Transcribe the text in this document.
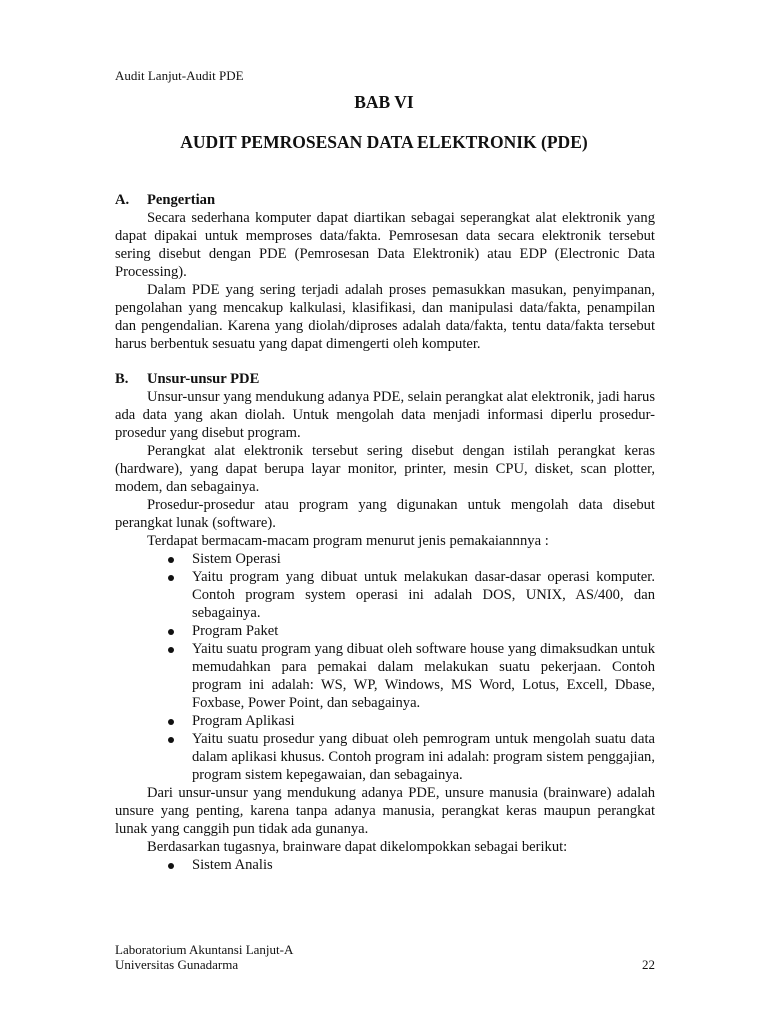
Audit Lanjut-Audit PDE
BAB VI
AUDIT PEMROSESAN DATA ELEKTRONIK (PDE)
A.	Pengertian

Secara sederhana komputer dapat diartikan sebagai seperangkat alat elektronik yang dapat dipakai untuk memproses data/fakta. Pemrosesan data secara elektronik tersebut sering disebut dengan PDE (Pemrosesan Data Elektronik) atau EDP (Electronic Data Processing).

Dalam PDE yang sering terjadi adalah proses pemasukkan masukan, penyimpanan, pengolahan yang mencakup kalkulasi, klasifikasi, dan manipulasi data/fakta, penampilan dan pengendalian. Karena yang diolah/diproses adalah data/fakta, tentu data/fakta tersebut harus berbentuk sesuatu yang dapat dimengerti oleh komputer.

B.	Unsur-unsur PDE

Unsur-unsur yang mendukung adanya PDE, selain perangkat alat elektronik, jadi harus ada data yang akan diolah. Untuk mengolah data menjadi informasi diperlu prosedur-prosedur yang disebut program.

Perangkat alat elektronik tersebut sering disebut dengan istilah perangkat keras (hardware), yang dapat berupa layar monitor, printer, mesin CPU, disket, scan plotter, modem, dan sebagainya.

Prosedur-prosedur atau program yang digunakan untuk mengolah data disebut perangkat lunak (software).

Terdapat bermacam-macam program menurut jenis pemakaiannnya :

Sistem Operasi
Yaitu program yang dibuat untuk melakukan dasar-dasar operasi komputer. Contoh program system operasi ini adalah DOS, UNIX, AS/400, dan sebagainya.
Program Paket
Yaitu suatu program yang dibuat oleh software house yang dimaksudkan untuk memudahkan para pemakai dalam melakukan suatu pekerjaan. Contoh program ini adalah: WS, WP, Windows, MS Word, Lotus, Excell, Dbase, Foxbase, Power Point, dan sebagainya.
Program Aplikasi
Yaitu suatu prosedur yang dibuat oleh pemrogram untuk mengolah suatu data dalam aplikasi khusus. Contoh program ini adalah: program sistem penggajian, program sistem kepegawaian, dan sebagainya.

Dari unsur-unsur yang mendukung adanya PDE, unsure manusia (brainware) adalah unsure yang penting, karena tanpa adanya manusia, perangkat keras maupun perangkat lunak yang canggih pun tidak ada gunanya.

Berdasarkan tugasnya, brainware dapat dikelompokkan sebagai berikut:

Sistem Analis
Laboratorium Akuntansi Lanjut-A
Universitas Gunadarma	22
